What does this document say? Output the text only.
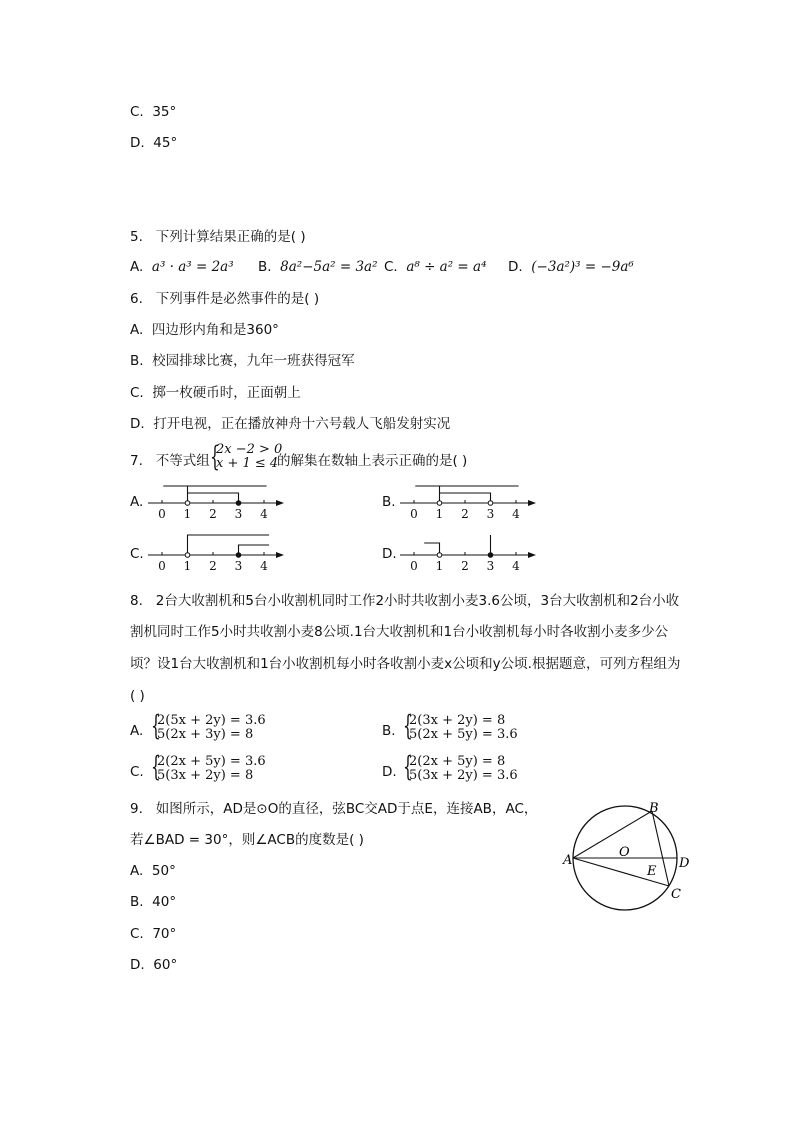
C. 35°
D. 45°
5. 下列计算结果正确的是( )
A. a³ · a³ = 2a³ B. 8a²−5a² = 3a² C. a⁸ ÷ a² = a⁴ D. (−3a²)³ = −9a⁶
6. 下列事件是必然事件的是( )
A. 四边形内角和是360°
B. 校园排球比赛，九年一班获得冠军
C. 掷一枚硬币时，正面朝上
D. 打开电视，正在播放神舟十六号载人飞船发射实况
7. 不等式组 {
2x −2 > 0
x + 1 ≤ 4
的解集在数轴上表示正确的是( )
A.
0 1 2 3 4
B.
0 1 2 3 4
C.
0 1 2 3 4
D.
0 1 2 3 4
8. 2台大收割机和5台小收割机同时工作2小时共收割小麦3.6公顷，3台大收割机和2台小收
割机同时工作5小时共收割小麦8公顷.1台大收割机和1台小收割机每小时各收割小麦多少公
顷？设1台大收割机和1台小收割机每小时各收割小麦x公顷和y公顷.根据题意，可列方程组为
( )
A. {
2(5x + 2y) = 3.6
5(2x + 3y) = 8	B. {
2(3x + 2y) = 8
5(2x + 5y) = 3.6
C. {
2(2x + 5y) = 3.6
5(3x + 2y) = 8	D. {
2(2x + 5y) = 8
5(3x + 2y) = 3.6
9. 如图所示，AD是⊙O的直径，弦BC交AD于点E，连接AB，AC，
若∠BAD = 30°，则∠ACB的度数是( )
A. 50°
B. 40°
C. 70°
D. 60°
A
B
C
D
O
E
